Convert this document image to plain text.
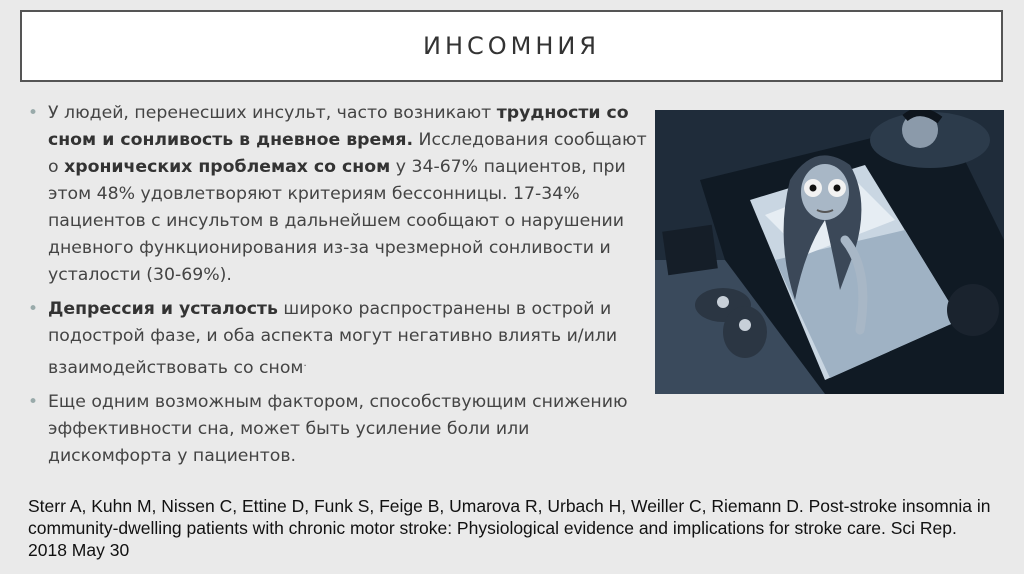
ИНСОМНИЯ
• У людей, перенесших инсульт, часто возникают трудности со сном и сонливость в дневное время. Исследования сообщают о хронических проблемах со сном у 34-67% пациентов, при этом 48% удовлетворяют критериям бессонницы. 17-34% пациентов с инсультом в дальнейшем сообщают о нарушении дневного функционирования из-за чрезмерной сонливости и усталости (30-69%).
• Депрессия и усталость широко распространены в острой и подострой фазе, и оба аспекта могут негативно влиять и/или взаимодействовать со сном.
• Еще одним возможным фактором, способствующим снижению эффективности сна, может быть усиление боли или дискомфорта у пациентов.
Sterr A, Kuhn M, Nissen C, Ettine D, Funk S, Feige B, Umarova R, Urbach H, Weiller C, Riemann D. Post-stroke insomnia in community-dwelling patients with chronic motor stroke: Physiological evidence and implications for stroke care. Sci Rep. 2018 May 30
